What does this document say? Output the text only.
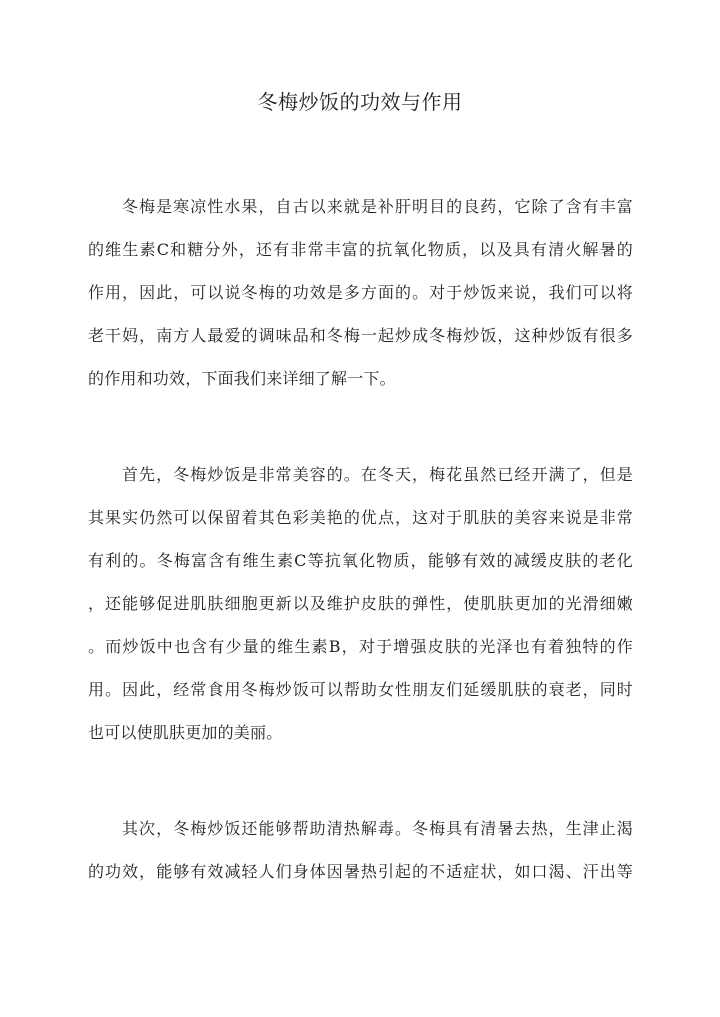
冬梅炒饭的功效与作用
冬梅是寒凉性水果，自古以来就是补肝明目的良药，它除了含有丰富
的维生素C和糖分外，还有非常丰富的抗氧化物质，以及具有清火解暑的
作用，因此，可以说冬梅的功效是多方面的。对于炒饭来说，我们可以将
老干妈，南方人最爱的调味品和冬梅一起炒成冬梅炒饭，这种炒饭有很多
的作用和功效，下面我们来详细了解一下。
首先，冬梅炒饭是非常美容的。在冬天，梅花虽然已经开满了，但是
其果实仍然可以保留着其色彩美艳的优点，这对于肌肤的美容来说是非常
有利的。冬梅富含有维生素C等抗氧化物质，能够有效的减缓皮肤的老化
，还能够促进肌肤细胞更新以及维护皮肤的弹性，使肌肤更加的光滑细嫩
。而炒饭中也含有少量的维生素B，对于增强皮肤的光泽也有着独特的作
用。因此，经常食用冬梅炒饭可以帮助女性朋友们延缓肌肤的衰老，同时
也可以使肌肤更加的美丽。
其次，冬梅炒饭还能够帮助清热解毒。冬梅具有清暑去热，生津止渴
的功效，能够有效减轻人们身体因暑热引起的不适症状，如口渴、汗出等
